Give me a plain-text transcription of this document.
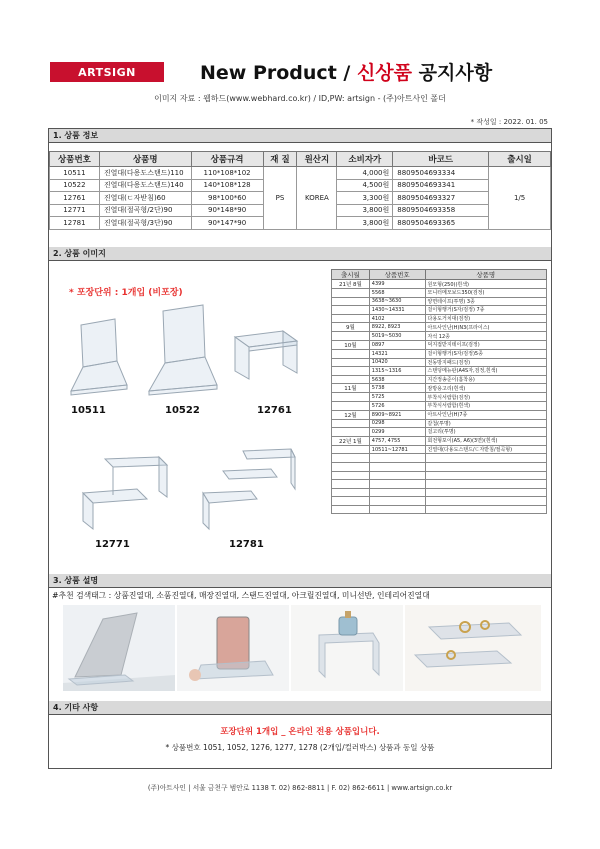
ARTSIGN	New Product / 신상품 공지사항
이미지 자료 : 웹하드(www.webhard.co.kr) / ID,PW: artsign - (주)아트사인 폴더
* 작성일 : 2022. 01. 05
1. 상품 정보
상품번호	상품명	상품규격	재 질	원산지	소비자가	바코드	출시일
10511	진열대(다용도스탠드)110	110*108*102	PS	KOREA	4,000원	8809504693334	1/5
10522	진열대(다용도스탠드)140	140*108*128			4,500원	8809504693341	
12761	진열대(ㄷ자받침)60	98*100*60			3,300원	8809504693327	
12771	진열대(절곡형/2단)90	90*148*90			3,800원	8809504693358	
12781	진열대(절곡형/3단)90	90*147*90			3,800원	8809504693365	
2. 상품 이미지
* 포장단위 : 1개입 (비포장)
10511	10522	12761
12771	12781
출시월	상품번호	상품명
21년 8월	4399	원모형(250)(흰색)
	5568	모니터메모보드350(검정)
	3638~3630	양면테이프(투명) 3종
	1430~14331	걸이형행거(S자/검정) 7종
	4102	다용도거치대(검정)
9월	8922, 8923	아트사인난(H)N3(프라이스)
	5019~5030	자석 12종
10월	0897	덕지접받지테이프(검정)
	14321	걸이형행거(S자/검정)5종
	10420	전동방지패드(검정)
	1315~1316	스탠딩메뉴판(A4S자,검정,흰색)
	5638	지간정송준이(흡착용)
11월	5738	잠방용고리(흰색)
	5725	부착식서랍함(검정)
	5726	부착식서랍함(흰색)
12월	8909~8921	아트사인난(H)7종
	0298	갈첩(투명)
	0299	걸고리(투명)
22년 1월	4757, 4755	회전형포이(A5, A6)(3면)(흰색)
	10511~12781	진열대(다용도스탠드/ㄷ자받침/절곡형)

3. 상품 설명
#추천 검색태그 : 상품진열대, 소품진열대, 매장진열대, 스탠드진열대, 아크릴진열대, 미니선반, 인테리어진열대
4. 기타 사항
포장단위 1개입 _ 온라인 전용 상품입니다.
* 상품번호 1051, 1052, 1276, 1277, 1278 (2개입/컬러박스) 상품과 동일 상품
(주)아트사인 | 서울 금천구 범안로 1138 T. 02) 862-8811 | F. 02) 862-6611 | www.artsign.co.kr
